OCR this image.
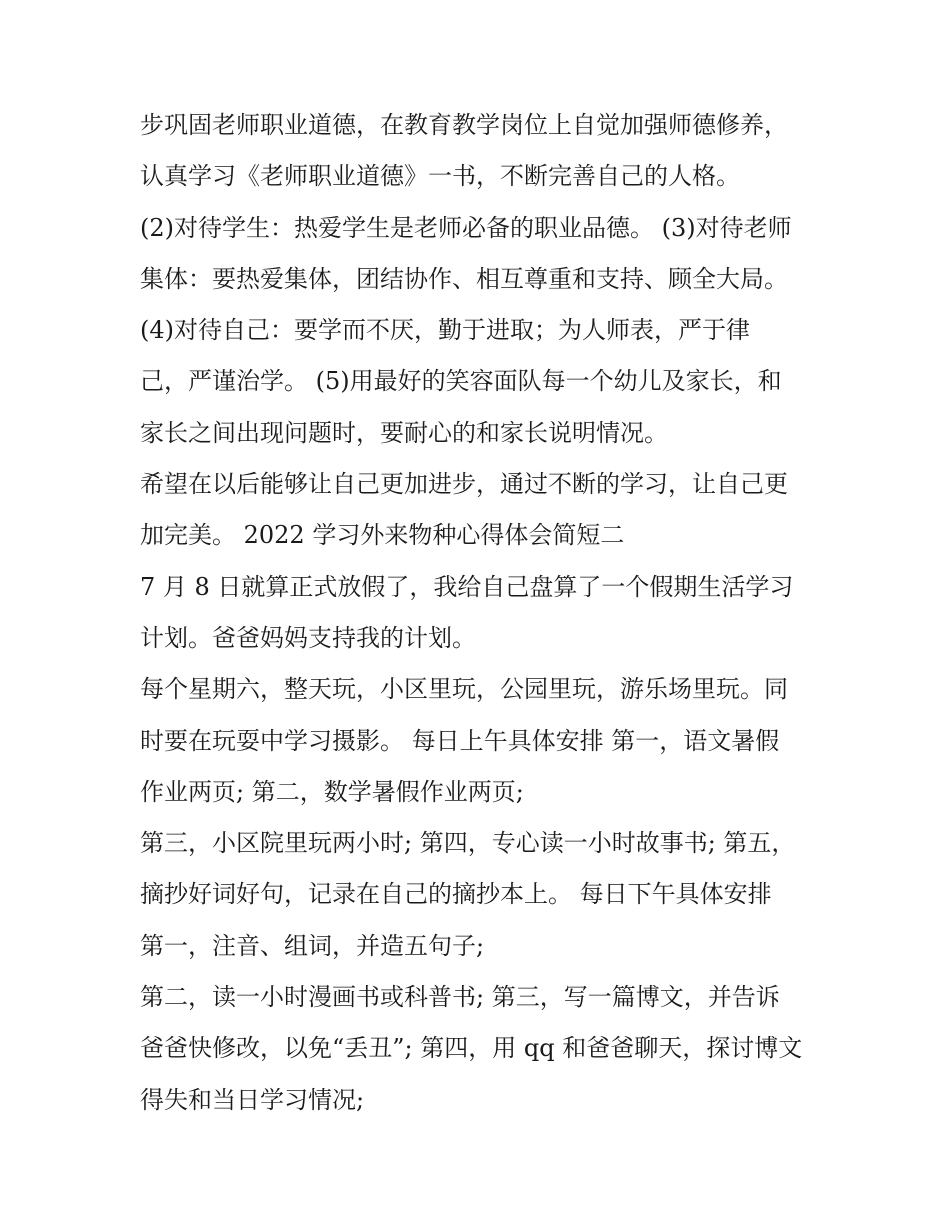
步巩固老师职业道德，在教育教学岗位上自觉加强师德修养，
认真学习《老师职业道德》一书，不断完善自己的人格。
(2)对待学生：热爱学生是老师必备的职业品德。 (3)对待老师
集体：要热爱集体，团结协作、相互尊重和支持、顾全大局。
(4)对待自己：要学而不厌，勤于进取；为人师表，严于律
己，严谨治学。 (5)用最好的笑容面队每一个幼儿及家长，和
家长之间出现问题时，要耐心的和家长说明情况。
希望在以后能够让自己更加进步，通过不断的学习，让自己更
加完美。 2022 学习外来物种心得体会简短二
7 月 8 日就算正式放假了，我给自己盘算了一个假期生活学习
计划。爸爸妈妈支持我的计划。
每个星期六，整天玩，小区里玩，公园里玩，游乐场里玩。同
时要在玩耍中学习摄影。 每日上午具体安排 第一，语文暑假
作业两页; 第二，数学暑假作业两页;
第三，小区院里玩两小时; 第四，专心读一小时故事书; 第五，
摘抄好词好句，记录在自己的摘抄本上。 每日下午具体安排
第一，注音、组词，并造五句子;
第二，读一小时漫画书或科普书; 第三，写一篇博文，并告诉
爸爸快修改，以免“丢丑”; 第四，用 qq 和爸爸聊天，探讨博文
得失和当日学习情况;
